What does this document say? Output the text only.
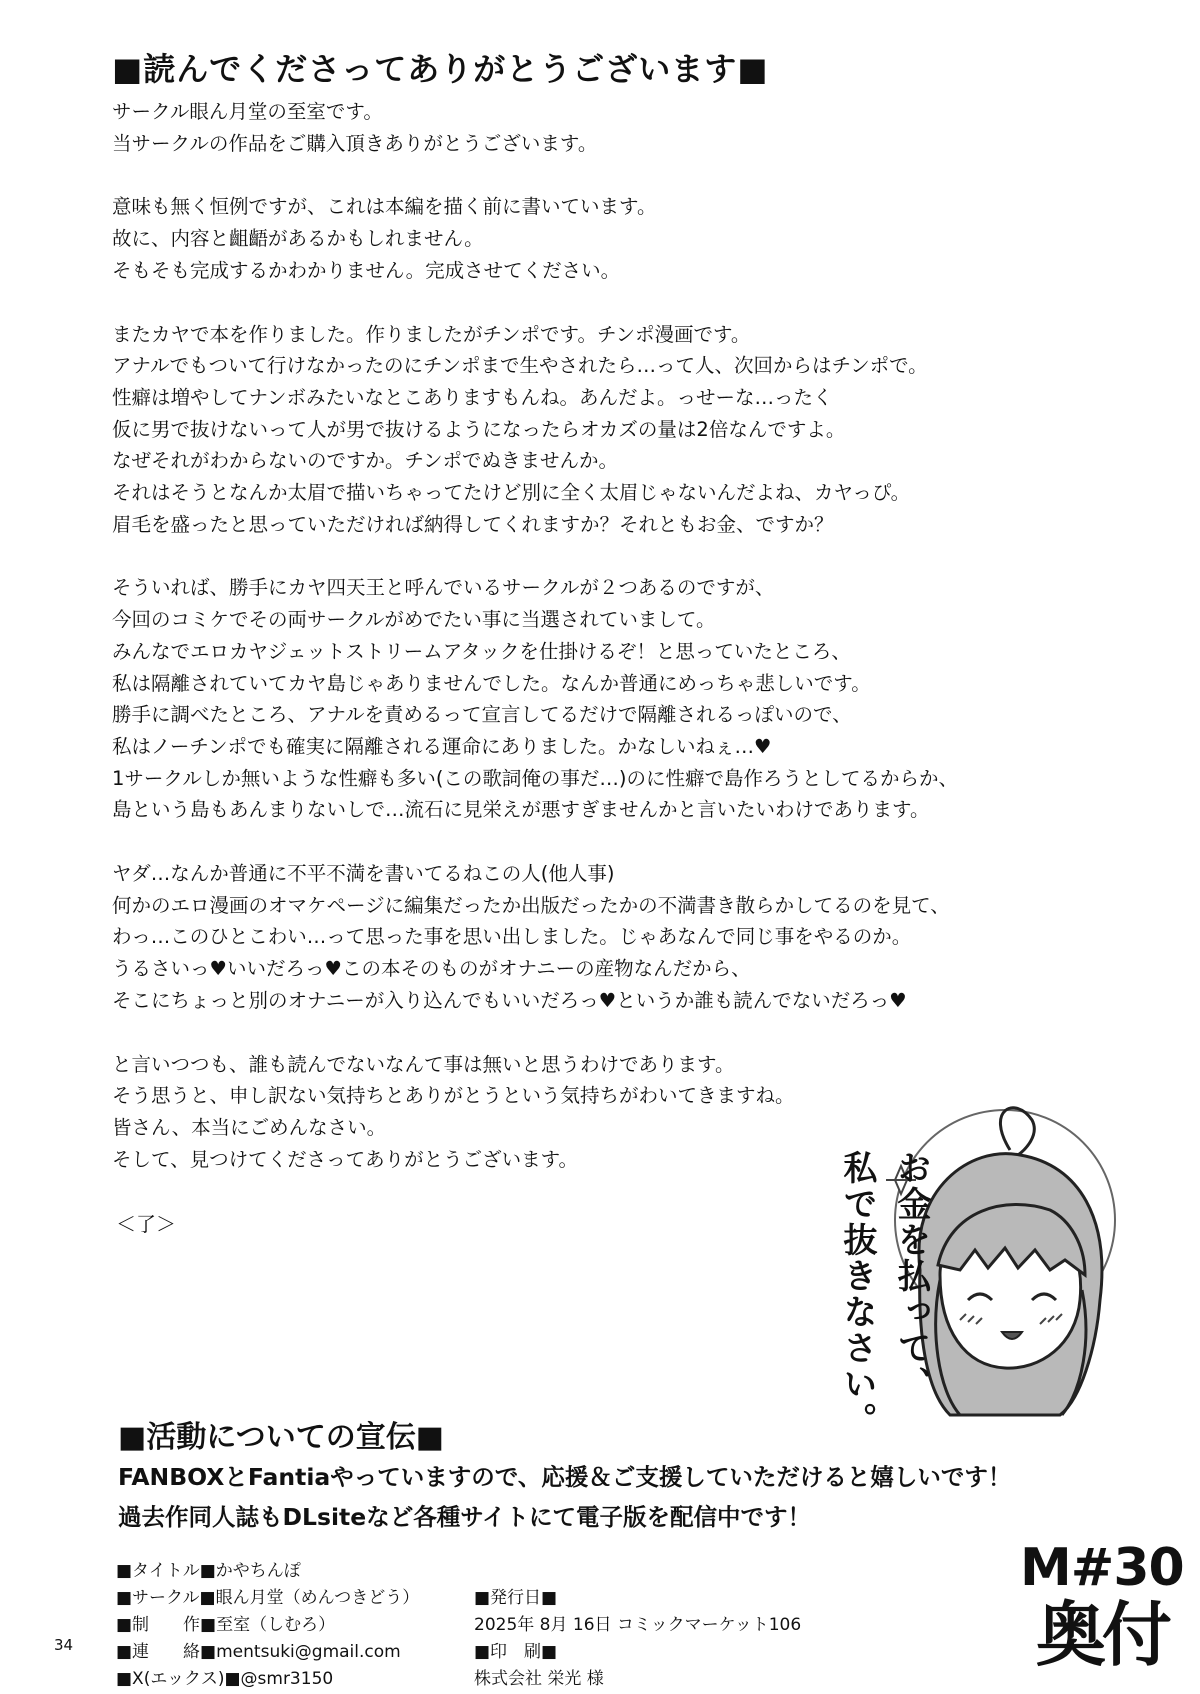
■読んでくださってありがとうございます■
サークル眼ん月堂の至室です。
当サークルの作品をご購入頂きありがとうございます。
意味も無く恒例ですが、これは本編を描く前に書いています。
故に、内容と齟齬があるかもしれません。
そもそも完成するかわかりません。完成させてください。
またカヤで本を作りました。作りましたがチンポです。チンポ漫画です。
アナルでもついて行けなかったのにチンポまで生やされたら…って人、次回からはチンポで。
性癖は増やしてナンボみたいなとこありますもんね。あんだよ。っせーな…ったく
仮に男で抜けないって人が男で抜けるようになったらオカズの量は2倍なんですよ。
なぜそれがわからないのですか。チンポでぬきませんか。
それはそうとなんか太眉で描いちゃってたけど別に全く太眉じゃないんだよね、カヤっぴ。
眉毛を盛ったと思っていただければ納得してくれますか？それともお金、ですか？
そういれば、勝手にカヤ四天王と呼んでいるサークルが２つあるのですが、
今回のコミケでその両サークルがめでたい事に当選されていまして。
みんなでエロカヤジェットストリームアタックを仕掛けるぞ！と思っていたところ、
私は隔離されていてカヤ島じゃありませんでした。なんか普通にめっちゃ悲しいです。
勝手に調べたところ、アナルを責めるって宣言してるだけで隔離されるっぽいので、
私はノーチンポでも確実に隔離される運命にありました。かなしいねぇ…♥
1サークルしか無いような性癖も多い(この歌詞俺の事だ…)のに性癖で島作ろうとしてるからか、
島という島もあんまりないしで…流石に見栄えが悪すぎませんかと言いたいわけであります。
ヤダ…なんか普通に不平不満を書いてるねこの人(他人事)
何かのエロ漫画のオマケページに編集だったか出版だったかの不満書き散らかしてるのを見て、
わっ…このひとこわい…って思った事を思い出しました。じゃあなんで同じ事をやるのか。
うるさいっ♥いいだろっ♥この本そのものがオナニーの産物なんだから、
そこにちょっと別のオナニーが入り込んでもいいだろっ♥というか誰も読んでないだろっ♥
と言いつつも、誰も読んでないなんて事は無いと思うわけであります。
そう思うと、申し訳ない気持ちとありがとうという気持ちがわいてきますね。
皆さん、本当にごめんなさい。
そして、見つけてくださってありがとうございます。
＜了＞	お金を払って、
私で抜きなさい。
■活動についての宣伝■
FANBOXとFantiaやっていますので、応援＆ご支援していただけると嬉しいです！
過去作同人誌もDLsiteなど各種サイトにて電子版を配信中です！
■タイトル■かやちんぽ
■サークル■眼ん月堂（めんつきどう）
■制　　作■至室（しむろ）
■連　　絡■mentsuki@gmail.com
■X(エックス)■@smr3150
■発行日■
2025年 8月 16日 コミックマーケット106
■印　刷■
株式会社 栄光 様
34
M#30
奥付
